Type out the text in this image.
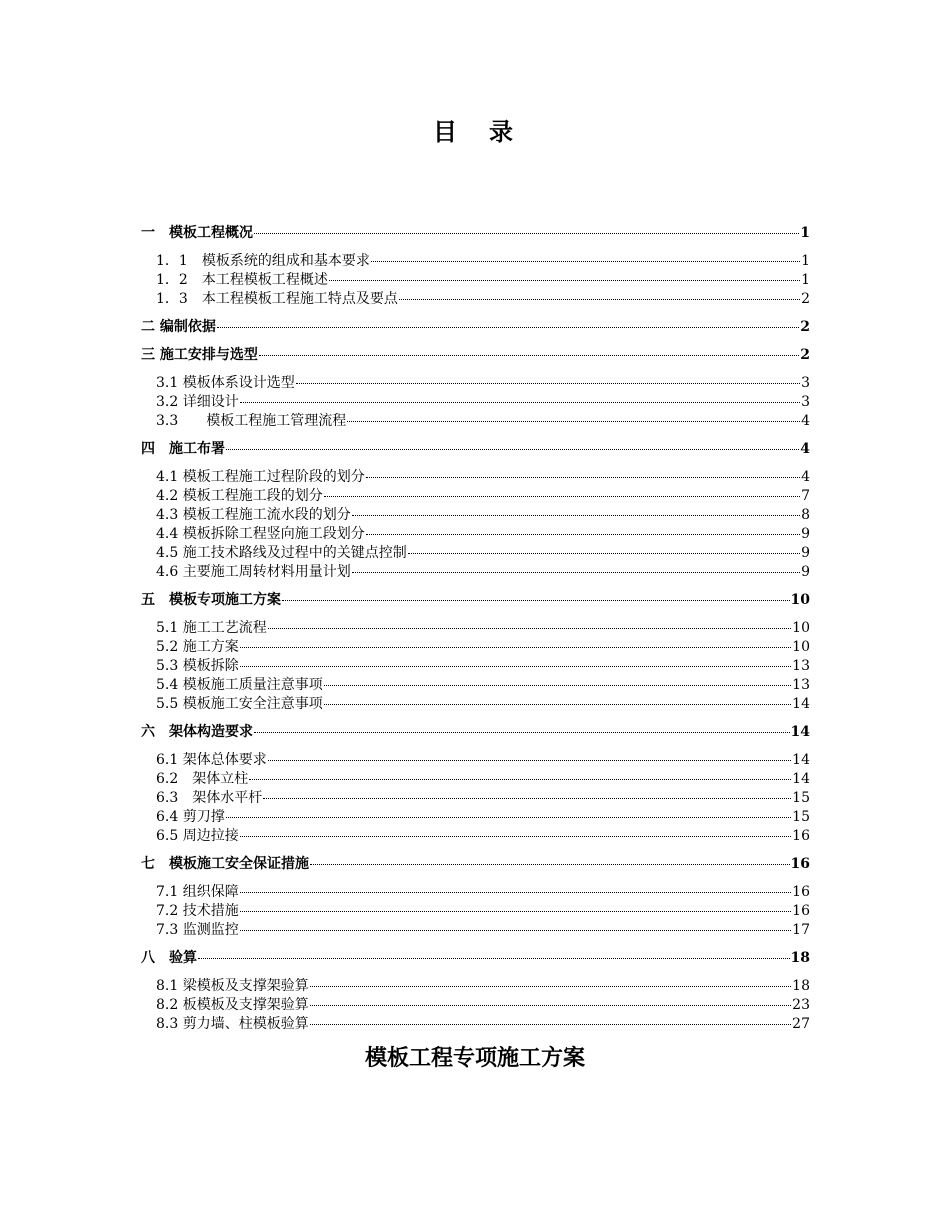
目　录
一　模板工程概况	1
1．1　模板系统的组成和基本要求	1
1．2　本工程模板工程概述	1
1．3　本工程模板工程施工特点及要点	2
二 编制依据	2
三 施工安排与选型	2
3.1 模板体系设计选型	3
3.2 详细设计	3
3.3　　模板工程施工管理流程	4
四　施工布署	4
4.1 模板工程施工过程阶段的划分	4
4.2 模板工程施工段的划分	7
4.3 模板工程施工流水段的划分	8
4.4 模板拆除工程竖向施工段划分	9
4.5 施工技术路线及过程中的关键点控制	9
4.6 主要施工周转材料用量计划	9
五　模板专项施工方案	10
5.1 施工工艺流程	10
5.2 施工方案	10
5.3 模板拆除	13
5.4 模板施工质量注意事项	13
5.5 模板施工安全注意事项	14
六　架体构造要求	14
6.1 架体总体要求	14
6.2　架体立柱	14
6.3　架体水平杆	15
6.4 剪刀撑	15
6.5 周边拉接	16
七　模板施工安全保证措施	16
7.1 组织保障	16
7.2 技术措施	16
7.3 监测监控	17
八　验算	18
8.1 梁模板及支撑架验算	18
8.2 板模板及支撑架验算	23
8.3 剪力墙、柱模板验算	27
模板工程专项施工方案
